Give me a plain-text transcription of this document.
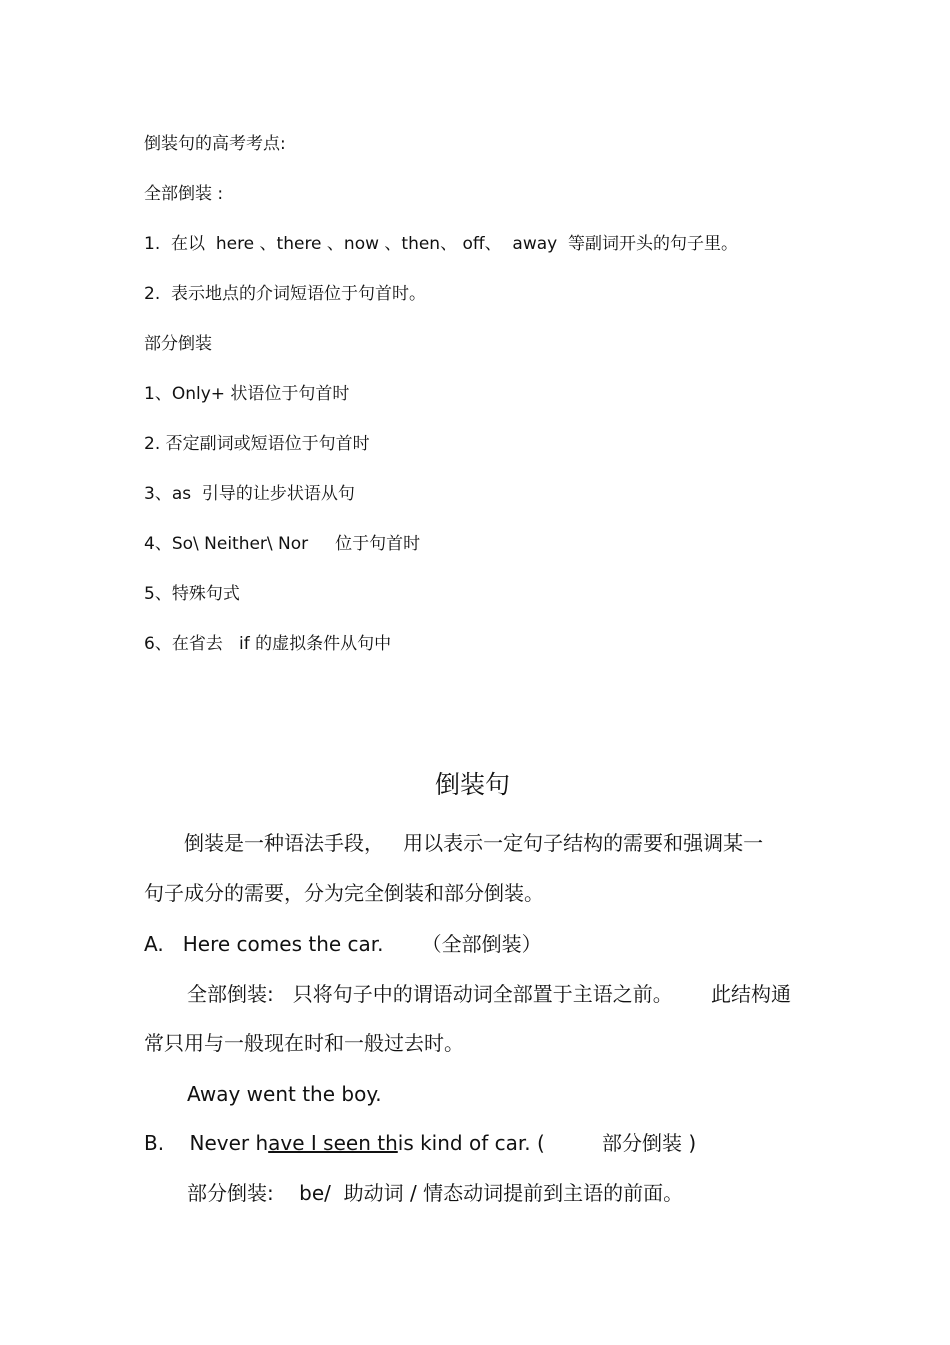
倒装句的高考考点:
全部倒装 :
1.  在以  here 、there 、now 、then、 off、  away  等副词开头的句子里。
2.  表示地点的介词短语位于句首时。
部分倒装
1、Only+ 状语位于句首时
2. 否定副词或短语位于句首时
3、as  引导的让步状语从句
4、So\ Neither\ Nor     位于句首时
5、特殊句式
6、在省去   if 的虚拟条件从句中
倒装句
倒装是一种语法手段，   用以表示一定句子结构的需要和强调某一
句子成分的需要，分为完全倒装和部分倒装。
A.   Here comes the car.      （全部倒装）
全部倒装:   只将句子中的谓语动词全部置于主语之前。      此结构通
常只用与一般现在时和一般过去时。
Away went the boy.
B.    Never have I seen this kind of car. (         部分倒装 )
部分倒装:    be/  助动词 / 情态动词提前到主语的前面。
